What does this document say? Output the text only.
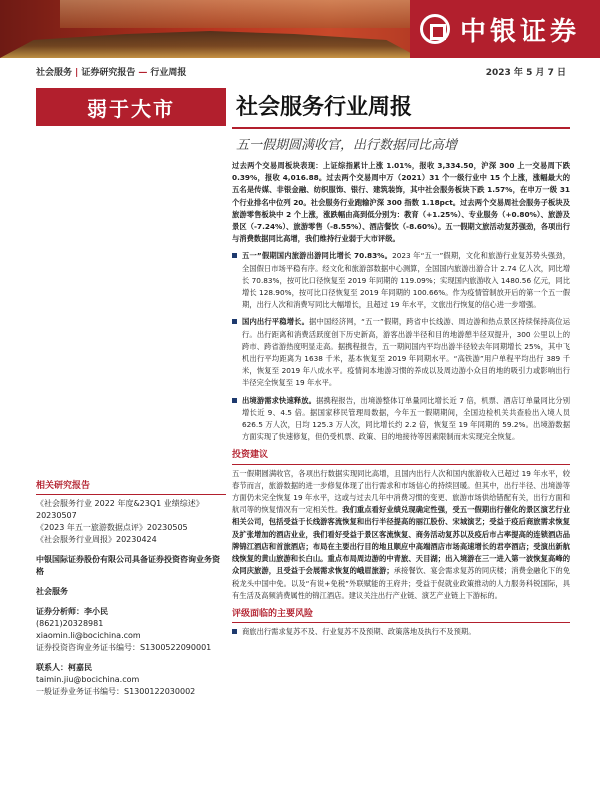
中银证券
社会服务 | 证券研究报告 — 行业周报	2023 年 5 月 7 日
弱于大市	社会服务行业周报
五一假期圆满收官，出行数据同比高增

过去两个交易周板块表现：上证综指累计上涨 1.01%，报收 3,334.50，沪深 300 上一交易周下跌 0.39%，报收 4,016.88。过去两个交易周中万（2021）31 个一级行业中 15 个上涨，涨幅最大的五名是传媒、非银金融、纺织服饰、银行、建筑装饰，其中社会服务板块下跌 1.57%，在申万一级 31 个行业排名中位列 20。社会服务行业跑输沪深 300 指数 1.18pct。过去两个交易周社会服务子板块及旅游零售板块中 2 个上涨，涨跌幅由高到低分别为：教育（+1.25%）、专业服务（+0.80%）、旅游及景区（-7.24%）、旅游零售（-8.55%）、酒店餐饮（-8.60%）。五一假期文旅活动复苏强劲，各项出行与消费数据同比高增，我们维持行业弱于大市评级。

五一”假期国内旅游出游同比增长 70.83%。2023 年“五一”假期，文化和旅游行业复苏势头强劲，全国假日市场平稳有序。经文化和旅游部数据中心测算，全国国内旅游出游合计 2.74 亿人次，同比增长 70.83%，按可比口径恢复至 2019 年同期的 119.09%；实现国内旅游收入 1480.56 亿元，同比增长 128.90%，按可比口径恢复至 2019 年同期的 100.66%。作为疫情管制放开后的第一个五一假期，出行人次和消费写同比大幅增长，且超过 19 年水平，文旅出行恢复的信心进一步增强。
国内出行平稳增长。据中国经济网，“五一”假期，跨省中长线游、周边游和热点景区持续保持高位运行。出行距离和消费活跃度创下历史新高，游客出游半径和目的地游憩半径双提升，300 公里以上的跨市、跨省游热度明显走高。据携程报告，五一期间国内平均出游半径较去年同期增长 25%，其中飞机出行平均距离为 1638 千米，基本恢复至 2019 年同期水平。“高铁游”用户单程平均出行 389 千米，恢复至 2019 年八成水平。疫情间本地游习惯的养成以及周边游小众目的地的吸引力或影响出行半径完全恢复至 19 年水平。
出境游需求快速释放。据携程报告，出境游整体订单量同比增长近 7 倍，机票、酒店订单量同比分别增长近 9、4.5 倍。据国家移民管理局数据，今年五一假期期间，全国边检机关共查验出入境人员 626.5 万人次，日均 125.3 万人次，同比增长约 2.2 倍，恢复至 19 年同期的 59.2%。出境游数据方面实现了快速修复，但仍受机票、政策、目的地接待等因素限制而未实现完全恢复。
投资建议

五一假期圆满收官，各项出行数据实现同比高增，且国内出行人次和国内旅游收入已超过 19 年水平，较春节而言，旅游数据的进一步修复体现了出行需求和市场信心的持续回暖。但其中，出行半径、出境游等方面仍未完全恢复 19 年水平，这或与过去几年中消费习惯的变更、旅游市场供给错配有关，出行方面和航司等的恢复情况有一定相关性。我们重点看好业绩兑现确定性强，受五一假期出行催化的景区演艺行业相关公司，包括受益于长线游客流恢复和出行半径提高的丽江股份、宋城演艺；受益于疫后商旅需求恢复及扩张增加的酒店业业，我们看好受益于景区客流恢复、商务活动复苏以及疫后市占率提高的连锁酒店品牌锦江酒店和首旅酒店；布局在主要出行目的地且顺应中高端酒店市场高速增长的君亭酒店；受演出新航线恢复的黄山旅游和长白山。重点布局周边游的中青旅、天目湖；出入境游在三一进入第一波恢复高峰的众同庆旅游，且受益于会展需求恢复的峨眉旅游；承接餐饮、宴会需求复苏的同庆楼；消费金融化下的免税龙头中国中免。以及“有说+免税”外联赋能的王府井；受益于促就业政策推动的人力服务科锐国际，具有生活及高频消费属性的锦江酒店。建议关注出行产业链、演艺产业链上下游标的。

评级面临的主要风险
商旅出行需求复苏不及、行业复苏不及预期、政策落地及执行不及预期。
相关研究报告
《社会服务行业 2022 年度&23Q1 业绩综述》20230507
《2023 年五一旅游数据点评》20230505
《社会服务行业周报》20230424
中银国际证券股份有限公司具备证券投资咨询业务资格
社会服务
证券分析师：李小民
(8621)20328981
xiaomin.li@bocichina.com
证券投资咨询业务证书编号：S1300522090001
联系人：柯嘉民
taimin.jiu@bocichina.com
一般证券业务证书编号：S1300122030002
